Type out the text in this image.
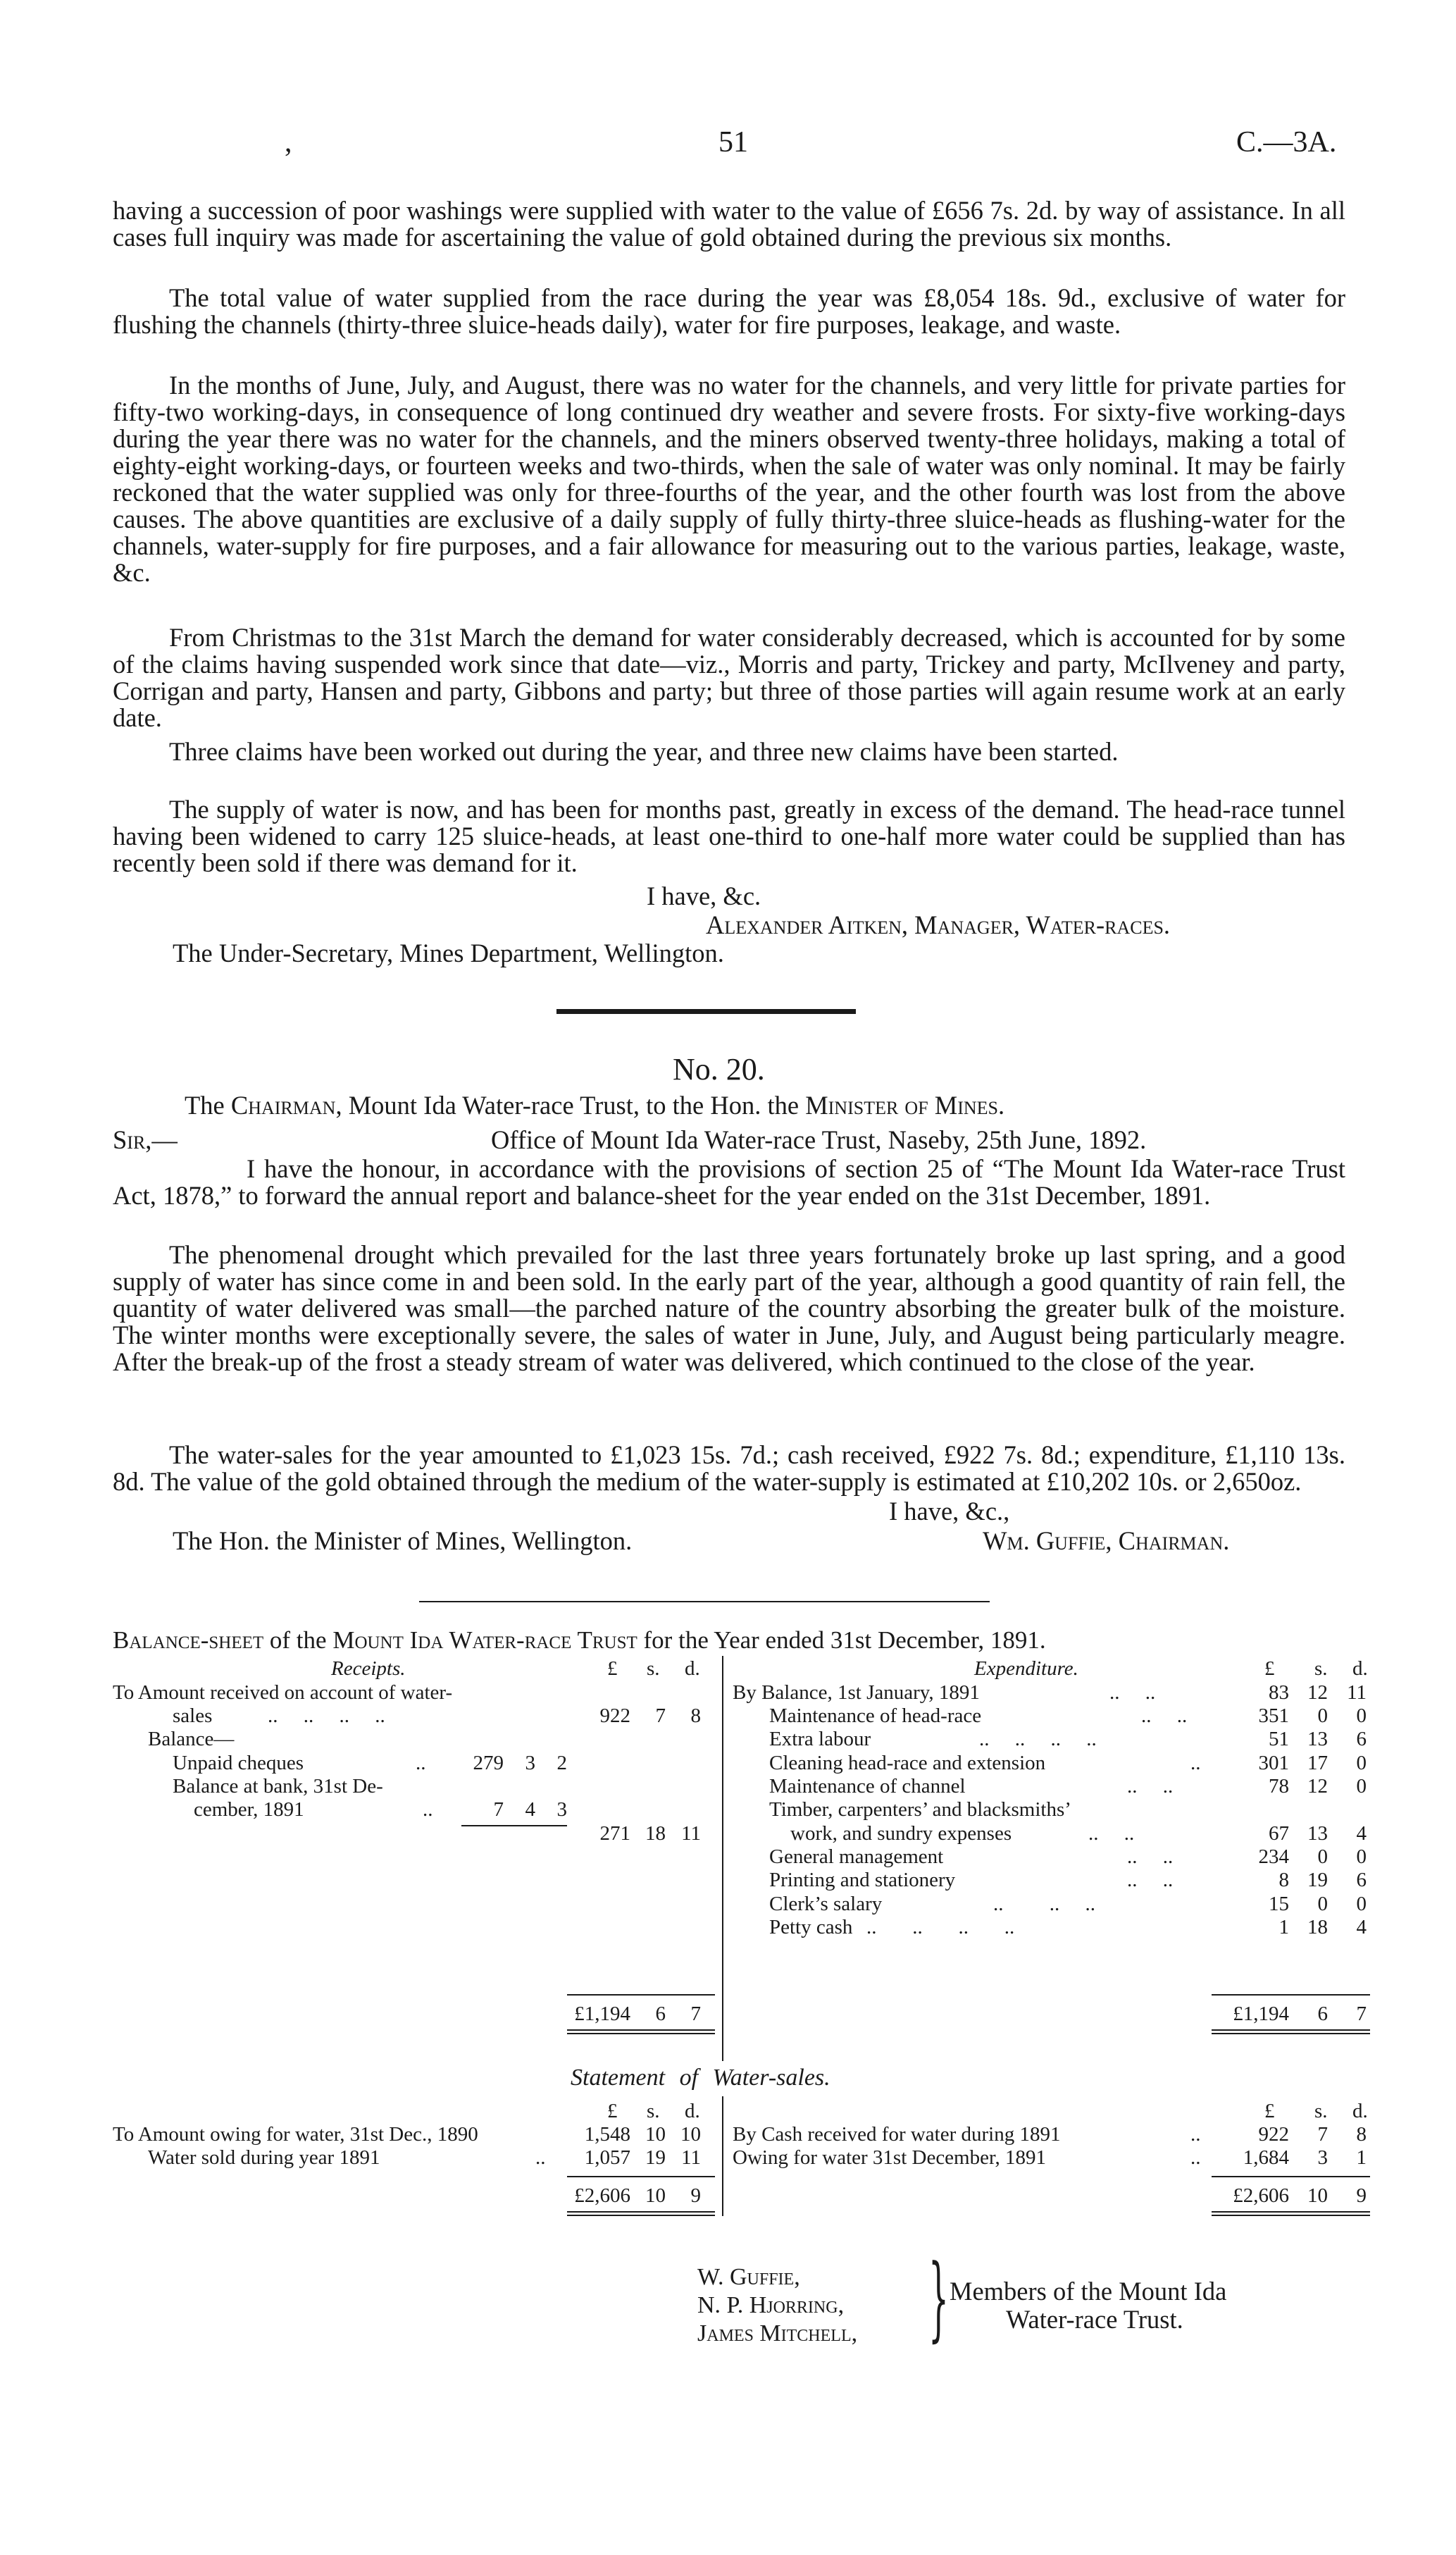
,	51	C.—3A.

having a succession of poor washings were supplied with water to the value of £656 7s. 2d. by way of assistance. In all cases full inquiry was made for ascertaining the value of gold obtained during the previous six months.

The total value of water supplied from the race during the year was £8,054 18s. 9d., exclusive of water for flushing the channels (thirty-three sluice-heads daily), water for fire purposes, leakage, and waste.

In the months of June, July, and August, there was no water for the channels, and very little for private parties for fifty-two working-days, in consequence of long continued dry weather and severe frosts. For sixty-five working-days during the year there was no water for the channels, and the miners observed twenty-three holidays, making a total of eighty-eight working-days, or fourteen weeks and two-thirds, when the sale of water was only nominal. It may be fairly reckoned that the water supplied was only for three-fourths of the year, and the other fourth was lost from the above causes. The above quantities are exclusive of a daily supply of fully thirty-three sluice-heads as flushing-water for the channels, water-supply for fire purposes, and a fair allowance for measuring out to the various parties, leakage, waste, &c.

From Christmas to the 31st March the demand for water considerably decreased, which is accounted for by some of the claims having suspended work since that date—viz., Morris and party, Trickey and party, McIlveney and party, Corrigan and party, Hansen and party, Gibbons and party; but three of those parties will again resume work at an early date.

Three claims have been worked out during the year, and three new claims have been started.

The supply of water is now, and has been for months past, greatly in excess of the demand. The head-race tunnel having been widened to carry 125 sluice-heads, at least one-third to one-half more water could be supplied than has recently been sold if there was demand for it.

I have, &c.
Alexander Aitken, Manager, Water-races.
The Under-Secretary, Mines Department, Wellington.
No. 20.
The Chairman, Mount Ida Water-race Trust, to the Hon. the Minister of Mines.
Sir,—	Office of Mount Ida Water-race Trust, Naseby, 25th June, 1892.

I have the honour, in accordance with the provisions of section 25 of “The Mount Ida Water-race Trust Act, 1878,” to forward the annual report and balance-sheet for the year ended on the 31st December, 1891.

The phenomenal drought which prevailed for the last three years fortunately broke up last spring, and a good supply of water has since come in and been sold. In the early part of the year, although a good quantity of rain fell, the quantity of water delivered was small—the parched nature of the country absorbing the greater bulk of the moisture. The winter months were exceptionally severe, the sales of water in June, July, and August being particularly meagre. After the break-up of the frost a steady stream of water was delivered, which continued to the close of the year.

The water-sales for the year amounted to £1,023 15s. 7d.; cash received, £922 7s. 8d.; expenditure, £1,110 13s. 8d. The value of the gold obtained through the medium of the water-supply is estimated at £10,202 10s. or 2,650oz.

I have, &c.,
Wm. Guffie, Chairman.
The Hon. the Minister of Mines, Wellington.
Balance-sheet of the Mount Ida Water-race Trust for the Year ended 31st December, 1891.
Receipts.	£ s. d.
To Amount received on account of water-
sales	..     ..     ..     ..	922	7	8
Balance—
Unpaid cheques	..	279	3	2
Balance at bank, 31st De-
cember, 1891	..	7	4	3
271 18 11
£1,194	6	7
Expenditure.	£ s. d.
By Balance, 1st January, 1891	..     ..	83 12 11
Maintenance of head-race	..     ..	351	0	0
Extra labour	..     ..     ..     ..	51 13	6
Cleaning head-race and extension	..	301 17	0
Maintenance of channel	..     ..	78 12	0
Timber, carpenters’ and blacksmiths’
work, and sundry expenses	..     ..	67 13	4
General management	..     ..	234	0	0
Printing and stationery	..     ..	8 19	6
Clerk’s salary	..         ..     ..	15	0	0
Petty cash ..       ..       ..       ..	1 18	4
£1,194	6	7
Statement of Water-sales.
£ s. d.	£ s. d.
To Amount owing for water, 31st Dec., 1890	1,548 10 10
Water sold during year 1891	..	1,057 19 11
£2,606 10	9
By Cash received for water during 1891	..	922	7	8
Owing for water 31st December, 1891	..	1,684	3	1
£2,606 10	9
W. Guffie,
N. P. Hjorring,
James Mitchell, } Members of the Mount Ida
Water-race Trust.
